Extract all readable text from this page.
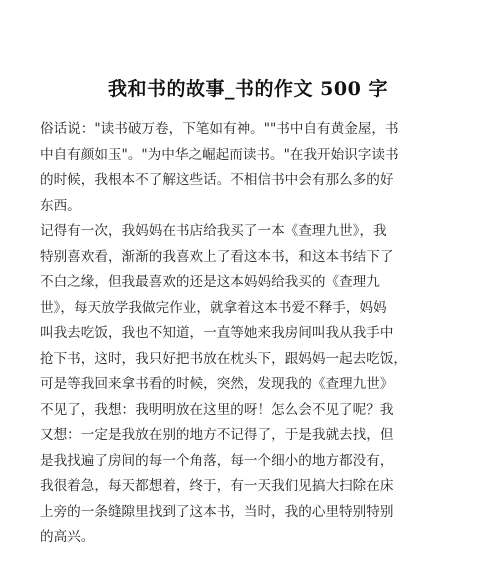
我和书的故事_书的作文 500 字
俗话说："读书破万卷，下笔如有神。""书中自有黄金屋，书
中自有颜如玉"。"为中华之崛起而读书。"在我开始识字读书
的时候，我根本不了解这些话。不相信书中会有那么多的好
东西。
记得有一次，我妈妈在书店给我买了一本《查理九世》，我
特别喜欢看，渐渐的我喜欢上了看这本书，和这本书结下了
不白之缘，但我最喜欢的还是这本妈妈给我买的《查理九
世》，每天放学我做完作业，就拿着这本书爱不释手，妈妈
叫我去吃饭，我也不知道，一直等她来我房间叫我从我手中
抢下书，这时，我只好把书放在枕头下，跟妈妈一起去吃饭，
可是等我回来拿书看的时候，突然，发现我的《查理九世》
不见了，我想：我明明放在这里的呀！怎么会不见了呢？我
又想：一定是我放在别的地方不记得了，于是我就去找，但
是我找遍了房间的每一个角落，每一个细小的地方都没有，
我很着急，每天都想着，终于，有一天我们见搞大扫除在床
上旁的一条缝隙里找到了这本书，当时，我的心里特别特别
的高兴。
